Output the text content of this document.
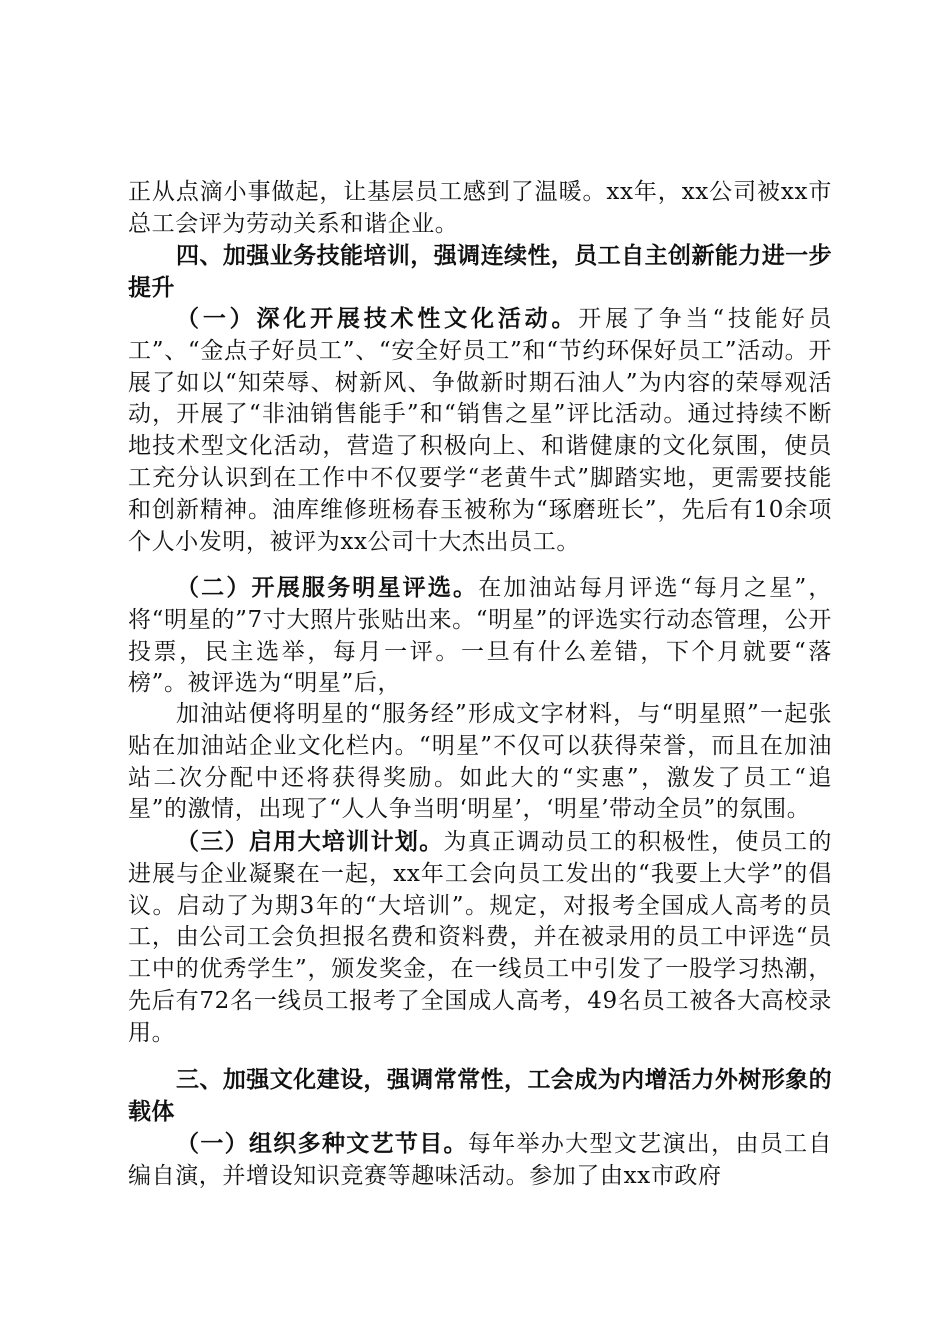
正从点滴小事做起，让基层员工感到了温暖。xx年，xx公司被xx市总工会评为劳动关系和谐企业。

四、加强业务技能培训，强调连续性，员工自主创新能力进一步提升

（一）深化开展技术性文化活动。开展了争当“技能好员工”、“金点子好员工”、“安全好员工”和“节约环保好员工”活动。开展了如以“知荣辱、树新风、争做新时期石油人”为内容的荣辱观活动，开展了“非油销售能手”和“销售之星”评比活动。通过持续不断地技术型文化活动，营造了积极向上、和谐健康的文化氛围，使员工充分认识到在工作中不仅要学“老黄牛式”脚踏实地，更需要技能和创新精神。油库维修班杨春玉被称为“琢磨班长”，先后有10余项个人小发明，被评为xx公司十大杰出员工。

（二）开展服务明星评选。在加油站每月评选“每月之星”，将“明星的”7寸大照片张贴出来。“明星”的评选实行动态管理，公开投票，民主选举，每月一评。一旦有什么差错，下个月就要“落榜”。被评选为“明星”后，

加油站便将明星的“服务经”形成文字材料，与“明星照”一起张贴在加油站企业文化栏内。“明星”不仅可以获得荣誉，而且在加油站二次分配中还将获得奖励。如此大的“实惠”，激发了员工“追星”的激情，出现了“人人争当明‘明星’，‘明星’带动全员”的氛围。

（三）启用大培训计划。为真正调动员工的积极性，使员工的进展与企业凝聚在一起，xx年工会向员工发出的“我要上大学”的倡议。启动了为期3年的“大培训”。规定，对报考全国成人高考的员工，由公司工会负担报名费和资料费，并在被录用的员工中评选“员工中的优秀学生”，颁发奖金，在一线员工中引发了一股学习热潮，先后有72名一线员工报考了全国成人高考，49名员工被各大高校录用。

三、加强文化建设，强调常常性，工会成为内增活力外树形象的载体

（一）组织多种文艺节目。每年举办大型文艺演出，由员工自编自演，并增设知识竞赛等趣味活动。参加了由xx市政府
